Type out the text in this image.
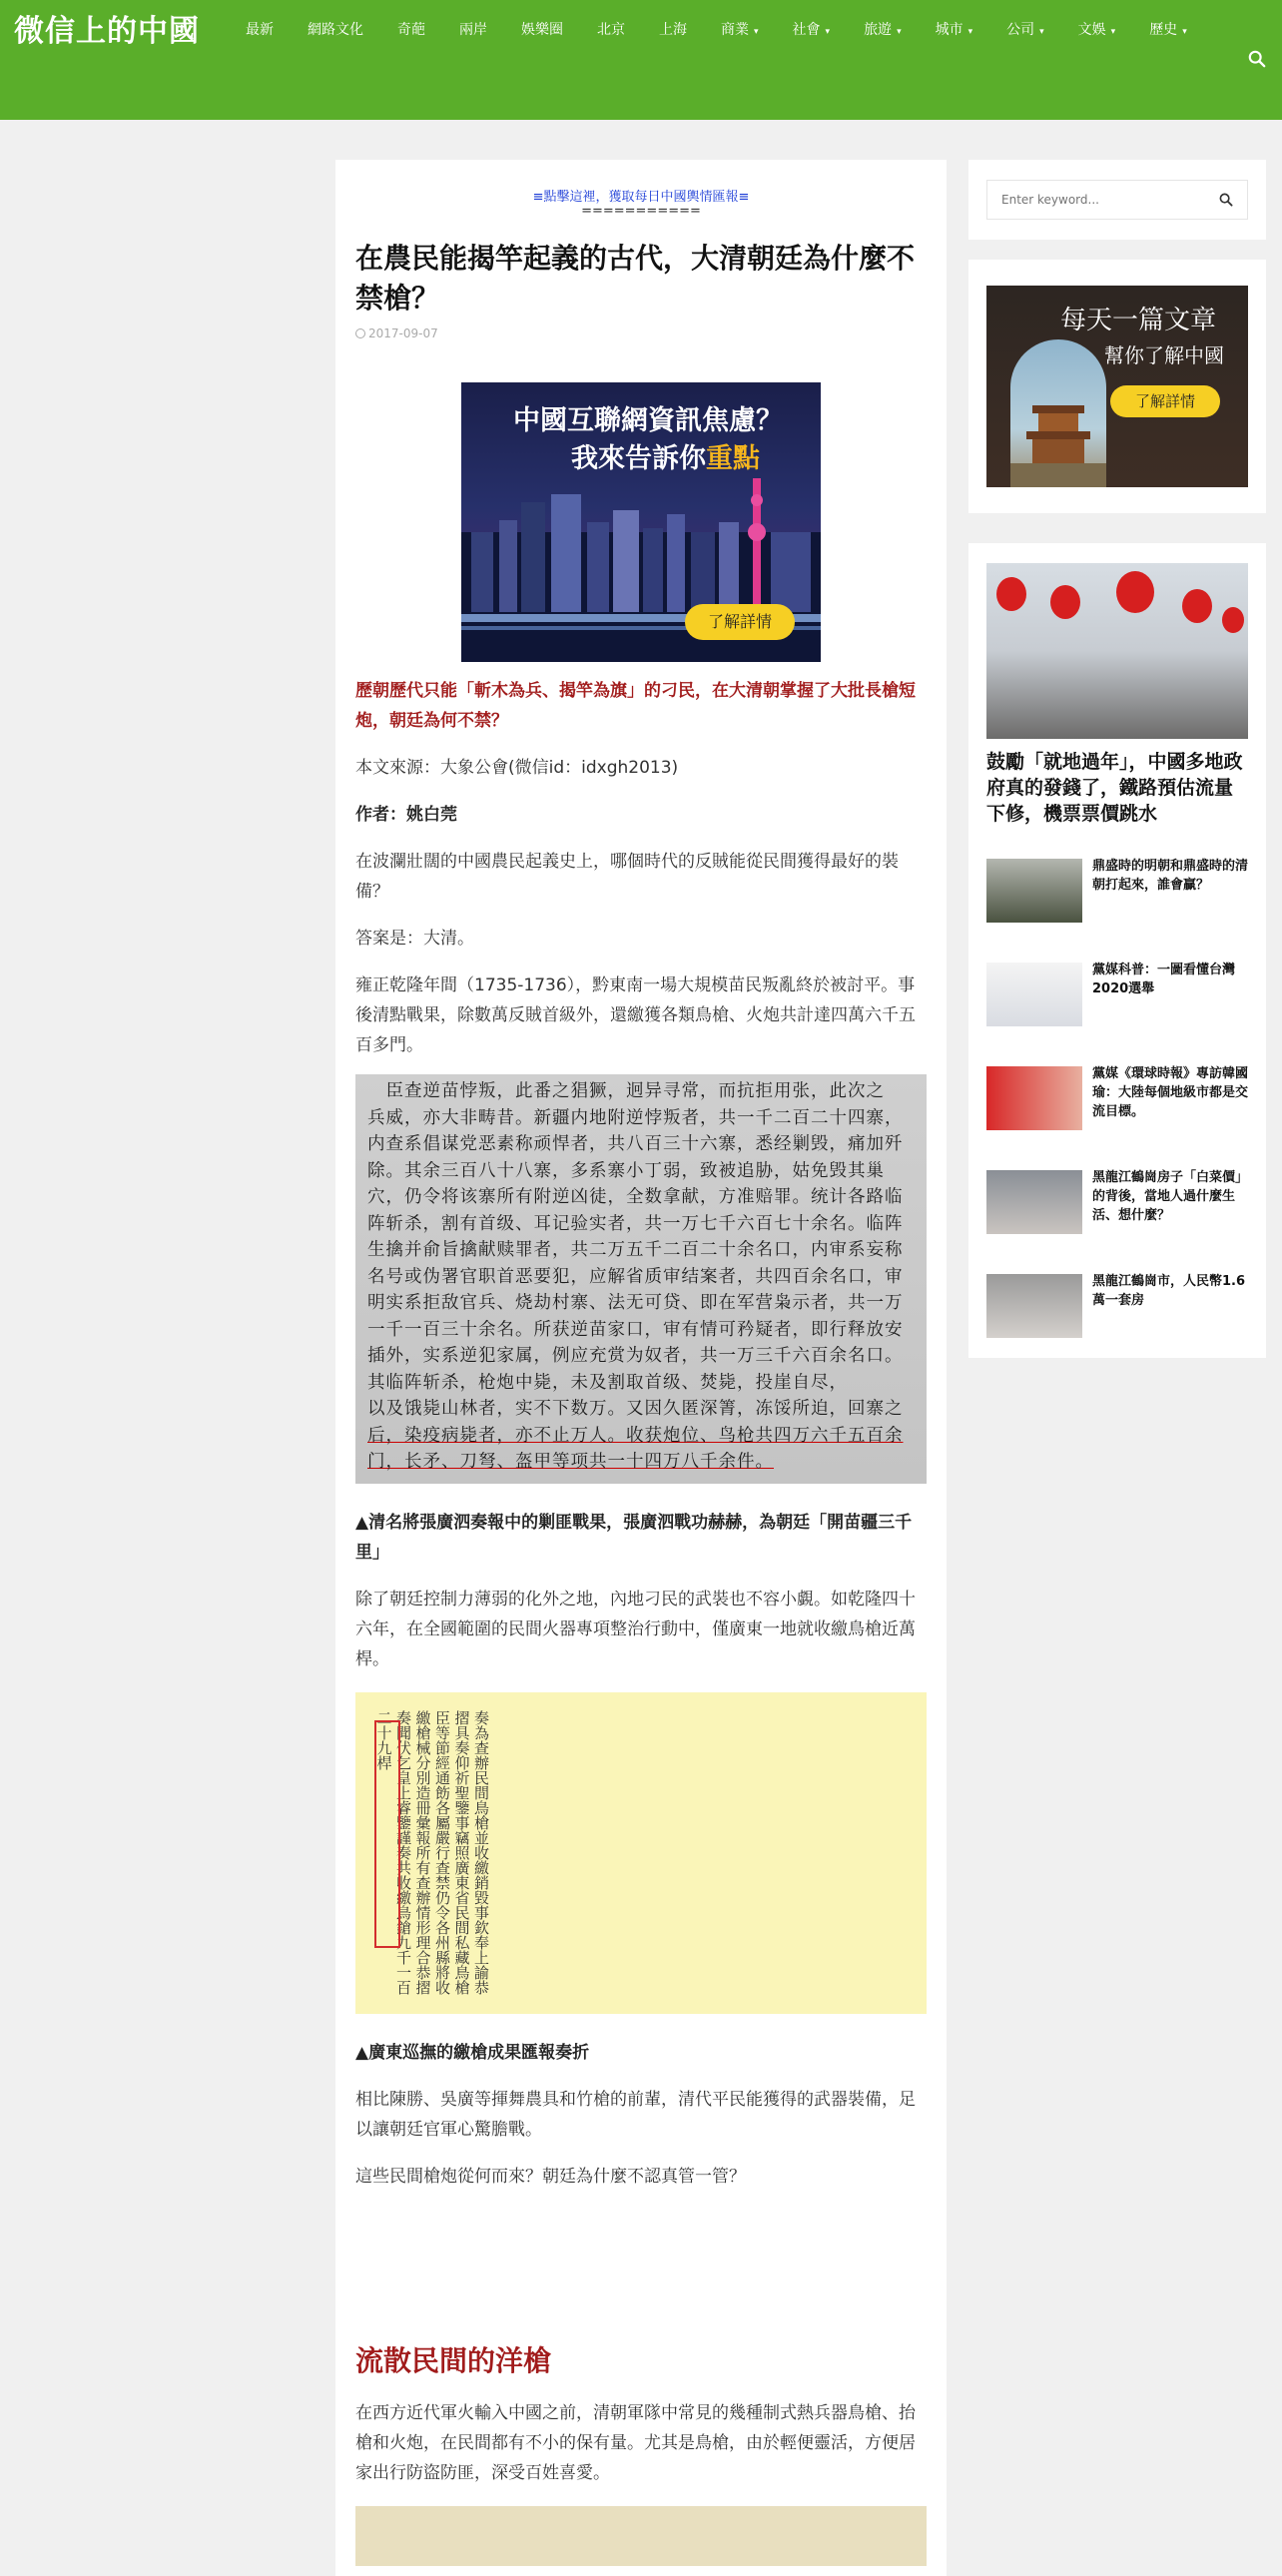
微信上的中國	最新 網路文化 奇葩 兩岸 娛樂圈 北京 上海 商業 ▾ 社會 ▾ 旅遊 ▾ 城市 ▾ 公司 ▾ 文娛 ▾ 歷史 ▾
≡點擊這裡，獲取每日中國輿情匯報≡
===========
在農民能揭竿起義的古代，大清朝廷為什麼不禁槍？
2017-09-07
中國互聯網資訊焦慮？
我來告訴你重點
了解詳情

歷朝歷代只能「斬木為兵、揭竿為旗」的刁民，在大清朝掌握了大批長槍短炮，朝廷為何不禁？

本文來源：大象公會(微信id：idxgh2013)

作者：姚白莞

在波瀾壯闊的中國農民起義史上，哪個時代的反賊能從民間獲得最好的裝備？

答案是：大清。

雍正乾隆年間（1735-1736），黔東南一場大規模苗民叛亂終於被討平。事後清點戰果，除數萬反賊首級外，還繳獲各類鳥槍、火炮共計達四萬六千五百多門。

　臣查逆苗悖叛，此番之猖獗，迥异寻常，而抗拒用张，此次之
兵威，亦大非畴昔。新疆内地附逆悖叛者，共一千二百二十四寨，
内查系倡谋党恶素称顽悍者，共八百三十六寨，悉经剿毁，痛加歼
除。其余三百八十八寨，多系寨小丁弱，致被追胁，姑免毁其巢
穴，仍令将该寨所有附逆凶徒，全数拿献，方准赔罪。统计各路临
阵斩杀，割有首级、耳记验实者，共一万七千六百七十余名。临阵
生擒并俞旨擒献赎罪者，共二万五千二百二十余名口，内审系妄称
名号或伪署官职首恶要犯，应解省质审结案者，共四百余名口，审
明实系拒敌官兵、烧劫村寨、法无可贷、即在军营枭示者，共一万
一千一百三十余名。所获逆苗家口，审有情可矜疑者，即行释放安
插外，实系逆犯家属，例应充赏为奴者，共一万三千六百余名口。
其临阵斩杀，枪炮中毙，未及割取首级、焚毙，投崖自尽，
以及饿毙山林者，实不下数万。又因久匿深箐，冻馁所迫，回寨之
后，染疫病毙者，亦不止万人。收获炮位、鸟枪共四万六千五百余
门，长矛、刀弩、盔甲等项共一十四万八千余件。

▲清名將張廣泗奏報中的剿匪戰果，張廣泗戰功赫赫，為朝廷「開苗疆三千里」

除了朝廷控制力薄弱的化外之地，內地刁民的武裝也不容小覷。如乾隆四十六年，在全國範圍的民間火器專項整治行動中，僅廣東一地就收繳鳥槍近萬桿。

奏為查辦民間鳥槍並收繳銷毀事欽奉上諭恭摺具奏仰祈聖鑒事竊照廣東省民間私藏鳥槍臣等節經通飭各屬嚴行查禁仍令各州縣將收繳槍械分別造冊彙報所有查辦情形理合恭摺奏聞伏乞皇上睿鑒謹奏共收繳鳥鎗九千一百二十九桿

▲廣東巡撫的繳槍成果匯報奏折

相比陳勝、吳廣等揮舞農具和竹槍的前輩，清代平民能獲得的武器裝備，足以讓朝廷官軍心驚膽戰。

這些民間槍炮從何而來？朝廷為什麼不認真管一管？

流散民間的洋槍

在西方近代軍火輸入中國之前，清朝軍隊中常見的幾種制式熱兵器鳥槍、抬槍和火炮，在民間都有不小的保有量。尤其是鳥槍，由於輕便靈活，方便居家出行防盜防匪，深受百姓喜愛。

Enter keyword...
每天一篇文章
幫你了解中國
了解詳情
鼓勵「就地過年」，中國多地政府真的發錢了，鐵路預估流量下修，機票票價跳水
鼎盛時的明朝和鼎盛時的清朝打起來，誰會贏？
黨媒科普：一圖看懂台灣2020選舉
黨媒《環球時報》專訪韓國瑜：大陸每個地級市都是交流目標。
黑龍江鶴崗房子「白菜價」的背後，當地人過什麼生活、想什麼？
黑龍江鶴崗市，人民幣1.6萬一套房
